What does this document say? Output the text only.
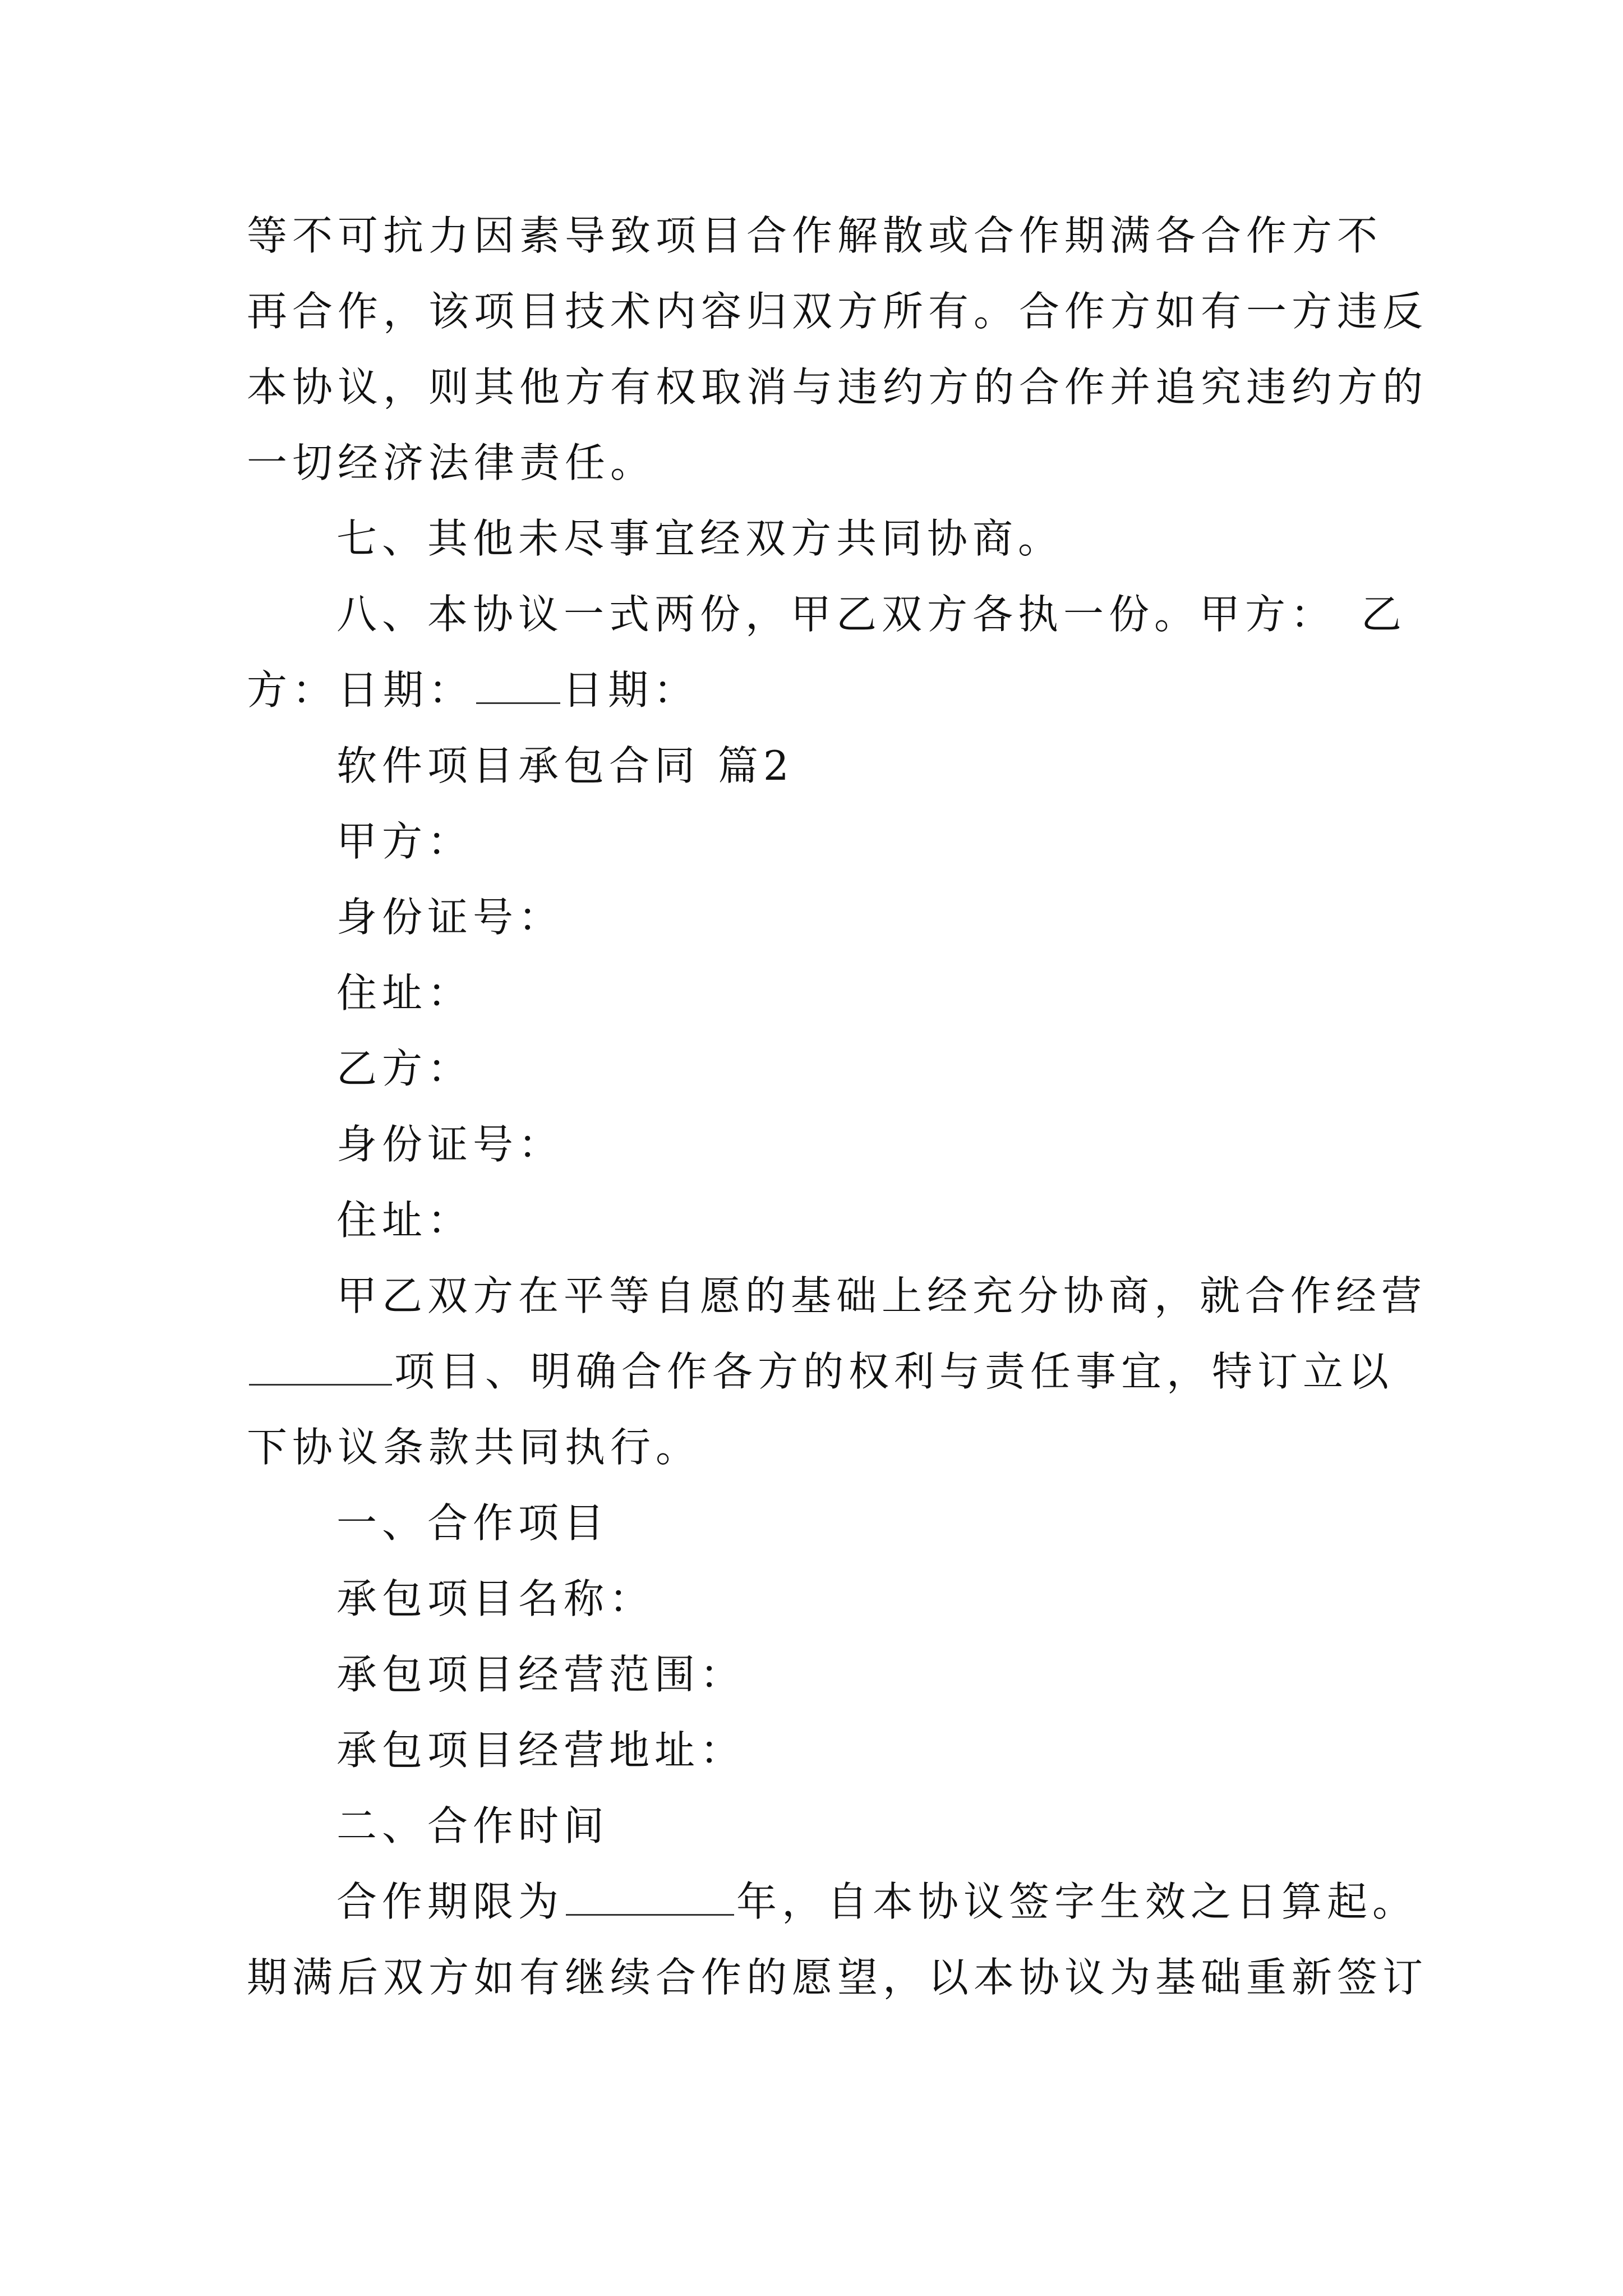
等不可抗力因素导致项目合作解散或合作期满各合作方不
再合作，该项目技术内容归双方所有。合作方如有一方违反
本协议，则其他方有权取消与违约方的合作并追究违约方的
一切经济法律责任。
七、其他未尽事宜经双方共同协商。
八、本协议一式两份，甲乙双方各执一份。甲方：　乙
方：日期： 日期：
软件项目承包合同 篇2
甲方：
身份证号：
住址：
乙方：
身份证号：
住址：
甲乙双方在平等自愿的基础上经充分协商，就合作经营
项目、明确合作各方的权利与责任事宜，特订立以
下协议条款共同执行。
一、合作项目
承包项目名称：
承包项目经营范围：
承包项目经营地址：
二、合作时间
合作期限为	年，自本协议签字生效之日算起。
期满后双方如有继续合作的愿望，以本协议为基础重新签订
